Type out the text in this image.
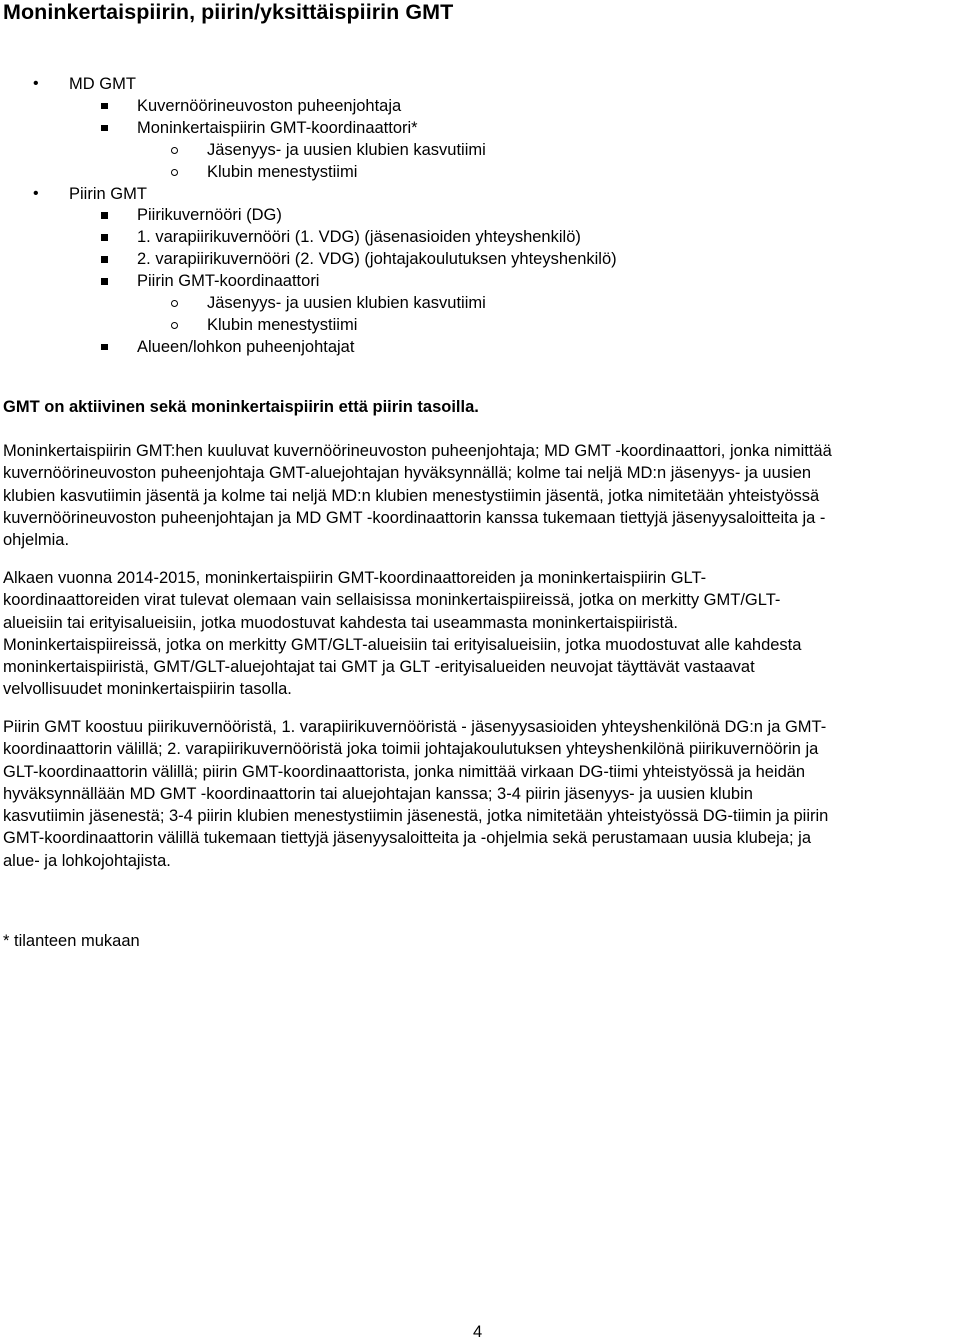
Moninkertaispiirin, piirin/yksittäispiirin GMT
• MD GMT
Kuvernöörineuvoston puheenjohtaja
Moninkertaispiirin GMT-koordinaattori*
Jäsenyys- ja uusien klubien kasvutiimi
Klubin menestystiimi
• Piirin GMT
Piirikuvernööri (DG)
1. varapiirikuvernööri (1. VDG) (jäsenasioiden yhteyshenkilö)
2. varapiirikuvernööri (2. VDG) (johtajakoulutuksen yhteyshenkilö)
Piirin GMT-koordinaattori
Jäsenyys- ja uusien klubien kasvutiimi
Klubin menestystiimi
Alueen/lohkon puheenjohtajat

GMT on aktiivinen sekä moninkertaispiirin että piirin tasoilla.

Moninkertaispiirin GMT:hen kuuluvat kuvernöörineuvoston puheenjohtaja; MD GMT -koordinaattori, jonka nimittää
kuvernöörineuvoston puheenjohtaja GMT-aluejohtajan hyväksynnällä; kolme tai neljä MD:n jäsenyys- ja uusien
klubien kasvutiimin jäsentä ja kolme tai neljä MD:n klubien menestystiimin jäsentä, jotka nimitetään yhteistyössä
kuvernöörineuvoston puheenjohtajan ja MD GMT -koordinaattorin kanssa tukemaan tiettyjä jäsenyysaloitteita ja -
ohjelmia.

Alkaen vuonna 2014-2015, moninkertaispiirin GMT-koordinaattoreiden ja moninkertaispiirin GLT-
koordinaattoreiden virat tulevat olemaan vain sellaisissa moninkertaispiireissä, jotka on merkitty GMT/GLT-
alueisiin tai erityisalueisiin, jotka muodostuvat kahdesta tai useammasta moninkertaispiiristä.
Moninkertaispiireissä, jotka on merkitty GMT/GLT-alueisiin tai erityisalueisiin, jotka muodostuvat alle kahdesta
moninkertaispiiristä, GMT/GLT-aluejohtajat tai GMT ja GLT -erityisalueiden neuvojat täyttävät vastaavat
velvollisuudet moninkertaispiirin tasolla.

Piirin GMT koostuu piirikuvernööristä, 1. varapiirikuvernööristä - jäsenyysasioiden yhteyshenkilönä DG:n ja GMT-
koordinaattorin välillä; 2. varapiirikuvernööristä joka toimii johtajakoulutuksen yhteyshenkilönä piirikuvernöörin ja
GLT-koordinaattorin välillä; piirin GMT-koordinaattorista, jonka nimittää virkaan DG-tiimi yhteistyössä ja heidän
hyväksynnällään MD GMT -koordinaattorin tai aluejohtajan kanssa; 3-4 piirin jäsenyys- ja uusien klubin
kasvutiimin jäsenestä; 3-4 piirin klubien menestystiimin jäsenestä, jotka nimitetään yhteistyössä DG-tiimin ja piirin
GMT-koordinaattorin välillä tukemaan tiettyjä jäsenyysaloitteita ja -ohjelmia sekä perustamaan uusia klubeja; ja
alue- ja lohkojohtajista.

* tilanteen mukaan

4
